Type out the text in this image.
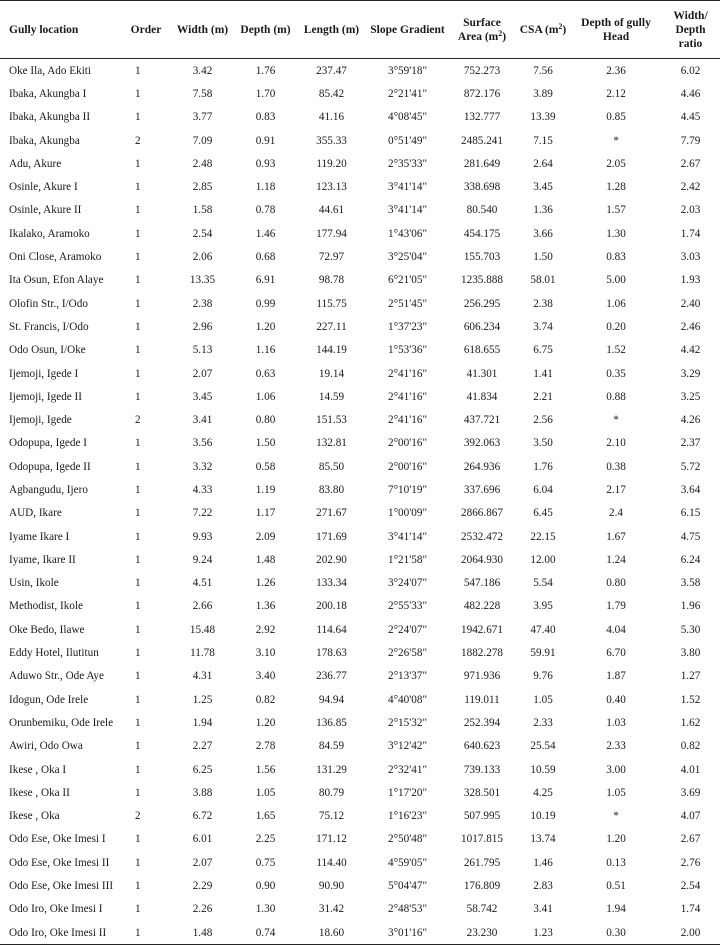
Gully location	Order	Width (m)	Depth (m)	Length (m)	Slope Gradient	Surface Area $(m^2)$	CSA $(m^2)$	Depth of gully Head	Width/ Depth ratio
Oke Ila, Ado Ekiti	1	3.42	1.76	237.47	3°59'18"	752.273	7.56	2.36	6.02
Ibaka, Akungba I	1	7.58	1.70	85.42	2°21'41"	872.176	3.89	2.12	4.46
Ibaka, Akungba II	1	3.77	0.83	41.16	4°08'45"	132.777	13.39	0.85	4.45
Ibaka, Akungba	2	7.09	0.91	355.33	0°51'49"	2485.241	7.15	*	7.79
Adu, Akure	1	2.48	0.93	119.20	2°35'33"	281.649	2.64	2.05	2.67
Osinle, Akure I	1	2.85	1.18	123.13	3°41'14"	338.698	3.45	1.28	2.42
Osinle, Akure II	1	1.58	0.78	44.61	3°41'14"	80.540	1.36	1.57	2.03
Ikalako, Aramoko	1	2.54	1.46	177.94	1°43'06"	454.175	3.66	1.30	1.74
Oni Close, Aramoko	1	2.06	0.68	72.97	3°25'04"	155.703	1.50	0.83	3.03
Ita Osun, Efon Alaye	1	13.35	6.91	98.78	6°21'05"	1235.888	58.01	5.00	1.93
Olofin Str., I/Odo	1	2.38	0.99	115.75	2°51'45"	256.295	2.38	1.06	2.40
St. Francis, I/Odo	1	2.96	1.20	227.11	1°37'23"	606.234	3.74	0.20	2.46
Odo Osun, I/Oke	1	5.13	1.16	144.19	1°53'36"	618.655	6.75	1.52	4.42
Ijemoji, Igede I	1	2.07	0.63	19.14	2°41'16"	41.301	1.41	0.35	3.29
Ijemoji, Igede II	1	3.45	1.06	14.59	2°41'16"	41.834	2.21	0.88	3.25
Ijemoji, Igede	2	3.41	0.80	151.53	2°41'16"	437.721	2.56	*	4.26
Odopupa, Igede I	1	3.56	1.50	132.81	2°00'16"	392.063	3.50	2.10	2.37
Odopupa, Igede II	1	3.32	0.58	85.50	2°00'16"	264.936	1.76	0.38	5.72
Agbangudu, Ijero	1	4.33	1.19	83.80	7°10'19"	337.696	6.04	2.17	3.64
AUD, Ikare	1	7.22	1.17	271.67	1°00'09"	2866.867	6.45	2.4	6.15
Iyame Ikare I	1	9.93	2.09	171.69	3°41'14"	2532.472	22.15	1.67	4.75
Iyame, Ikare II	1	9.24	1.48	202.90	1°21'58"	2064.930	12.00	1.24	6.24
Usin, Ikole	1	4.51	1.26	133.34	3°24'07"	547.186	5.54	0.80	3.58
Methodist, Ikole	1	2.66	1.36	200.18	2°55'33"	482.228	3.95	1.79	1.96
Oke Bedo, Ilawe	1	15.48	2.92	114.64	2°24'07"	1942.671	47.40	4.04	5.30
Eddy Hotel, Ilutitun	1	11.78	3.10	178.63	2°26'58"	1882.278	59.91	6.70	3.80
Aduwo Str., Ode Aye	1	4.31	3.40	236.77	2°13'37"	971.936	9.76	1.87	1.27
Idogun, Ode Irele	1	1.25	0.82	94.94	4°40'08"	119.011	1.05	0.40	1.52
Orunbemiku, Ode Irele	1	1.94	1.20	136.85	2°15'32"	252.394	2.33	1.03	1.62
Awiri, Odo Owa	1	2.27	2.78	84.59	3°12'42"	640.623	25.54	2.33	0.82
Ikese , Oka I	1	6.25	1.56	131.29	2°32'41"	739.133	10.59	3.00	4.01
Ikese , Oka II	1	3.88	1.05	80.79	1°17'20"	328.501	4.25	1.05	3.69
Ikese , Oka	2	6.72	1.65	75.12	1°16'23"	507.995	10.19	*	4.07
Odo Ese, Oke Imesi I	1	6.01	2.25	171.12	2°50'48"	1017.815	13.74	1.20	2.67
Odo Ese, Oke Imesi II	1	2.07	0.75	114.40	4°59'05"	261.795	1.46	0.13	2.76
Odo Ese, Oke Imesi III	1	2.29	0.90	90.90	5°04'47"	176.809	2.83	0.51	2.54
Odo Iro, Oke Imesi I	1	2.26	1.30	31.42	2°48'53"	58.742	3.41	1.94	1.74
Odo Iro, Oke Imesi II	1	1.48	0.74	18.60	3°01'16"	23.230	1.23	0.30	2.00
